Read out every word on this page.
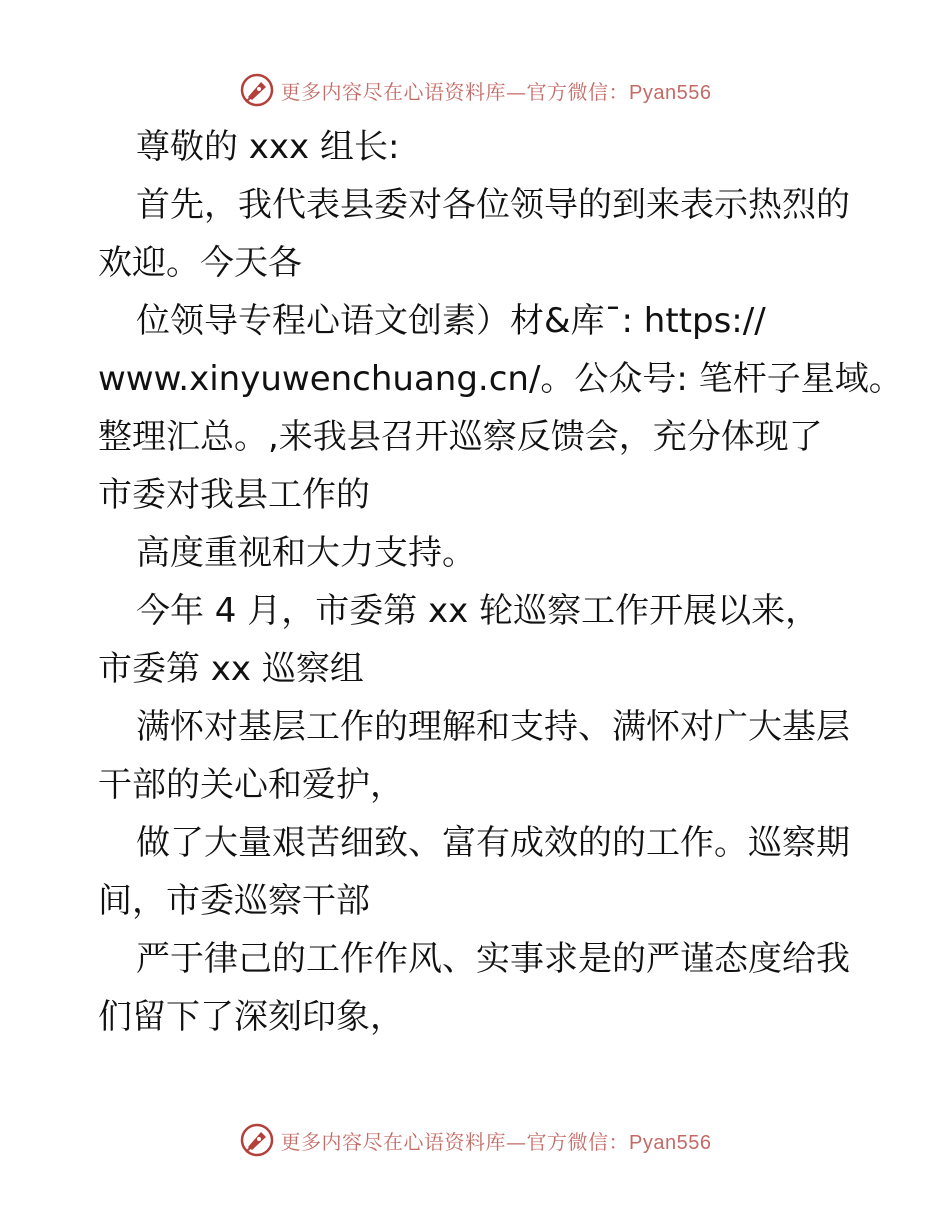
更多内容尽在心语资料库—官方微信：Pyan556
尊敬的 xxx 组长:
首先，我代表县委对各位领导的到来表示热烈的
欢迎。今天各
位领导专程心语文创素）材&库¯: https://
www.xinyuwenchuang.cn/。公众号: 笔杆子星域。
整理汇总。,来我县召开巡察反馈会，充分体现了
市委对我县工作的
高度重视和大力支持。
今年 4 月，市委第 xx 轮巡察工作开展以来，
市委第 xx 巡察组
满怀对基层工作的理解和支持、满怀对广大基层
干部的关心和爱护，
做了大量艰苦细致、富有成效的的工作。巡察期
间，市委巡察干部
严于律己的工作作风、实事求是的严谨态度给我
们留下了深刻印象，
更多内容尽在心语资料库—官方微信：Pyan556
